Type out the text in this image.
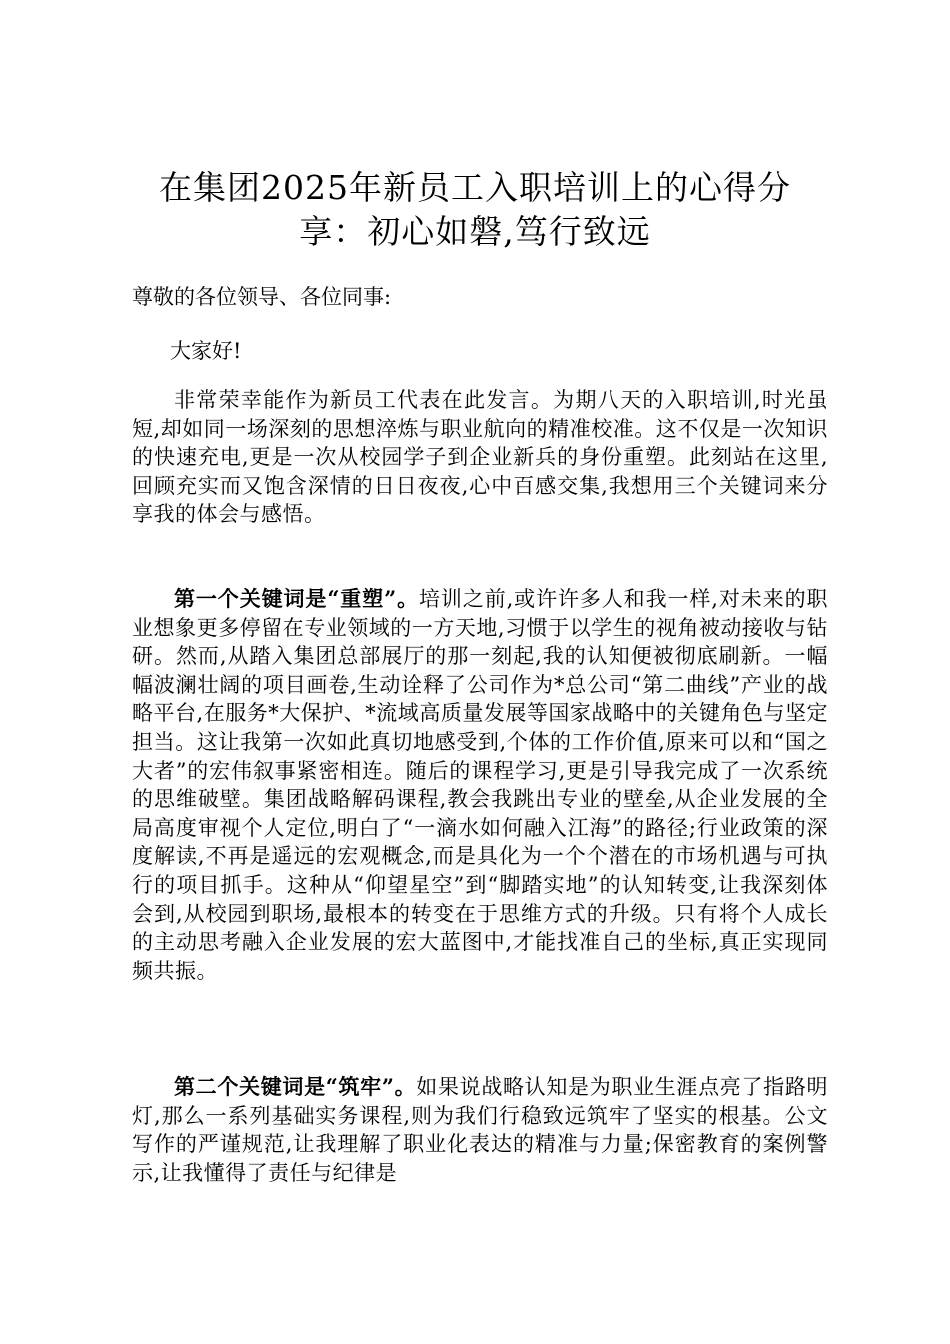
在集团2025年新员工入职培训上的心得分
享：初心如磐,笃行致远

尊敬的各位领导、各位同事:

大家好!

非常荣幸能作为新员工代表在此发言。为期八天的入职培训,时光虽短,却如同一场深刻的思想淬炼与职业航向的精准校准。这不仅是一次知识的快速充电,更是一次从校园学子到企业新兵的身份重塑。此刻站在这里,回顾充实而又饱含深情的日日夜夜,心中百感交集,我想用三个关键词来分享我的体会与感悟。

第一个关键词是“重塑”。培训之前,或许许多人和我一样,对未来的职业想象更多停留在专业领域的一方天地,习惯于以学生的视角被动接收与钻研。然而,从踏入集团总部展厅的那一刻起,我的认知便被彻底刷新。一幅幅波澜壮阔的项目画卷,生动诠释了公司作为*总公司“第二曲线”产业的战略平台,在服务*大保护、*流域高质量发展等国家战略中的关键角色与坚定担当。这让我第一次如此真切地感受到,个体的工作价值,原来可以和“国之大者”的宏伟叙事紧密相连。随后的课程学习,更是引导我完成了一次系统的思维破壁。集团战略解码课程,教会我跳出专业的壁垒,从企业发展的全局高度审视个人定位,明白了“一滴水如何融入江海”的路径;行业政策的深度解读,不再是遥远的宏观概念,而是具化为一个个潜在的市场机遇与可执行的项目抓手。这种从“仰望星空”到“脚踏实地”的认知转变,让我深刻体会到,从校园到职场,最根本的转变在于思维方式的升级。只有将个人成长的主动思考融入企业发展的宏大蓝图中,才能找准自己的坐标,真正实现同频共振。

第二个关键词是“筑牢”。如果说战略认知是为职业生涯点亮了指路明灯,那么一系列基础实务课程,则为我们行稳致远筑牢了坚实的根基。公文写作的严谨规范,让我理解了职业化表达的精准与力量;保密教育的案例警示,让我懂得了责任与纪律是
